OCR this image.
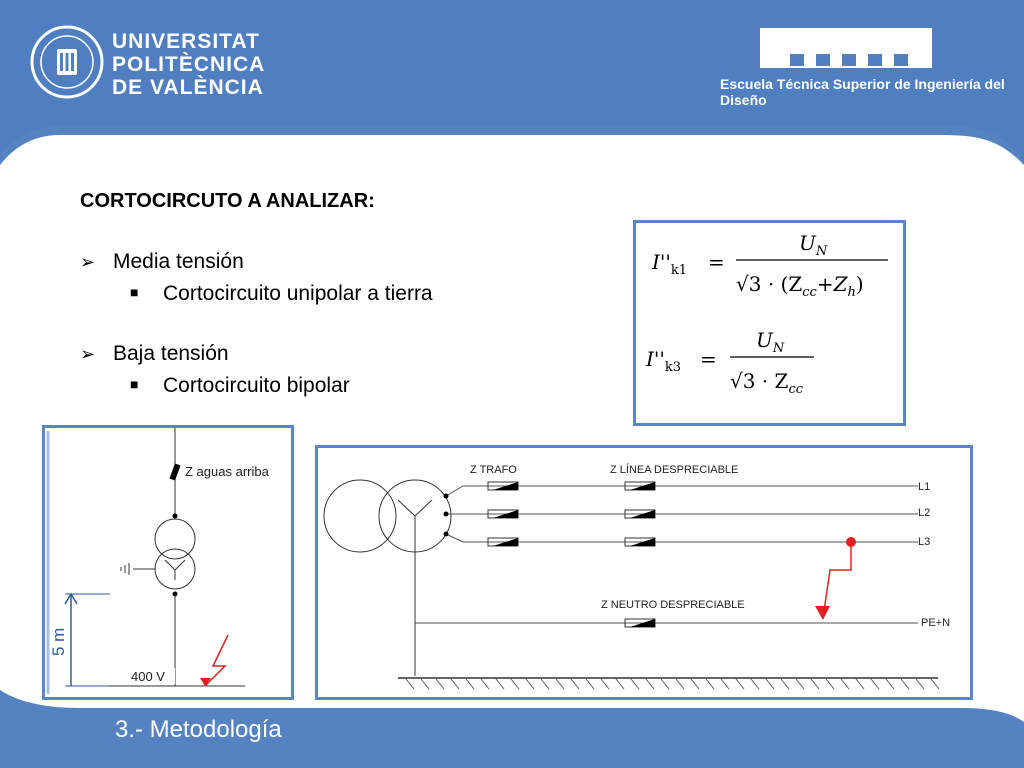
UNIVERSITAT
POLITÈCNICA
DE VALÈNCIA	Escuela Técnica Superior de Ingeniería del Diseño
CORTOCIRCUTO A ANALIZAR:
➢ Media tensión
■ Cortocircuito unipolar a tierra
➢ Baja tensión
■ Cortocircuito bipolar
$I''_{k1}$ =
$U_N$
$√3 \cdot (Z_{cc}+Z_h)$
$I''_{k3}$ =
$U_N$
$√3 \cdot Z_{cc}$
Z aguas arriba
5 m
400 V
Z TRAFO	Z LÍNEA DESPRECIABLE
Z NEUTRO DESPRECIABLE
L1
L2
L3
PE+N
3.- Metodología
